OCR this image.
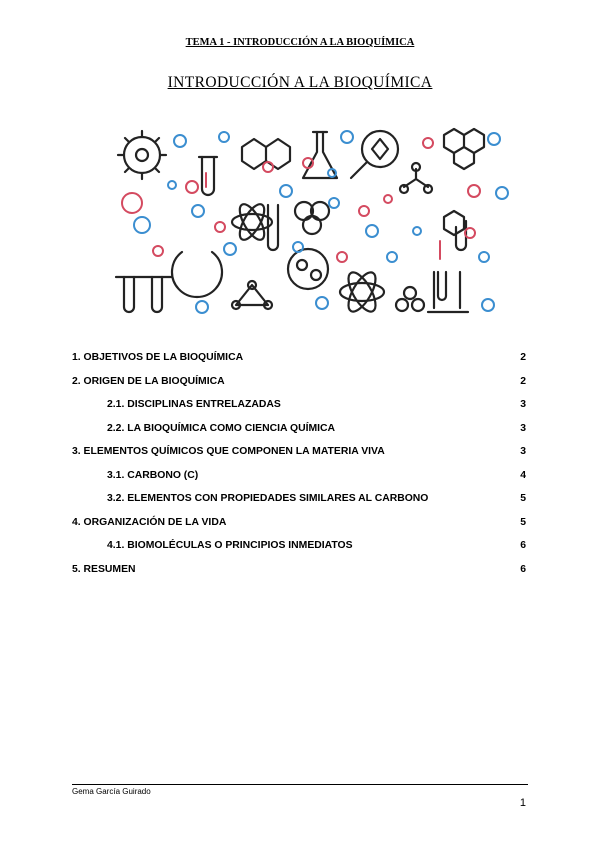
TEMA 1 - INTRODUCCIÓN A LA BIOQUÍMICA
INTRODUCCIÓN A LA BIOQUÍMICA
1. OBJETIVOS DE LA BIOQUÍMICA	2
2. ORIGEN DE LA BIOQUÍMICA	2
2.1. DISCIPLINAS ENTRELAZADAS	3
2.2. LA BIOQUÍMICA COMO CIENCIA QUÍMICA	3
3. ELEMENTOS QUÍMICOS QUE COMPONEN LA MATERIA VIVA	3
3.1. CARBONO (C)	4
3.2. ELEMENTOS CON PROPIEDADES SIMILARES AL CARBONO	5
4. ORGANIZACIÓN DE LA VIDA	5
4.1. BIOMOLÉCULAS O PRINCIPIOS INMEDIATOS	6
5. RESUMEN	6
Gema García Guirado
1
